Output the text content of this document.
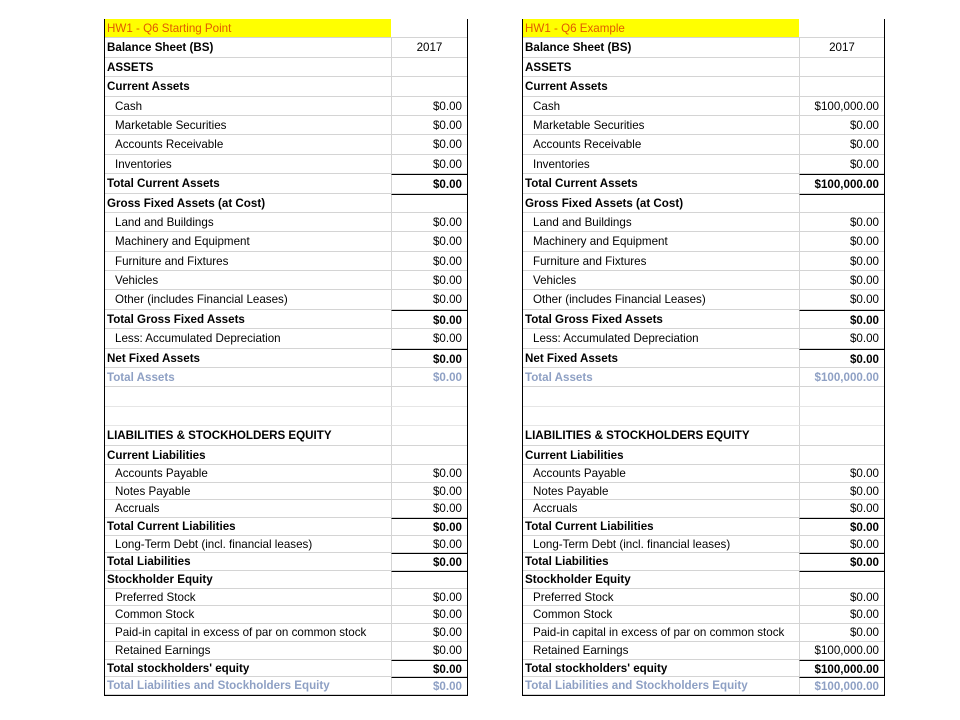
HW1 - Q6 Starting Point
Balance Sheet (BS)	2017
ASSETS
Current Assets
Cash	$0.00
Marketable Securities	$0.00
Accounts Receivable	$0.00
Inventories	$0.00
Total Current Assets	$0.00
Gross Fixed Assets (at Cost)
Land and Buildings	$0.00
Machinery and Equipment	$0.00
Furniture and Fixtures	$0.00
Vehicles	$0.00
Other (includes Financial Leases)	$0.00
Total Gross Fixed Assets	$0.00
Less: Accumulated Depreciation	$0.00
Net Fixed Assets	$0.00
Total Assets	$0.00
LIABILITIES & STOCKHOLDERS EQUITY
Current Liabilities
Accounts Payable	$0.00
Notes Payable	$0.00
Accruals	$0.00
Total Current Liabilities	$0.00
Long-Term Debt (incl. financial leases)	$0.00
Total Liabilities	$0.00
Stockholder Equity
Preferred Stock	$0.00
Common Stock	$0.00
Paid-in capital in excess of par on common stock	$0.00
Retained Earnings	$0.00
Total stockholders' equity	$0.00
Total Liabilities and Stockholders Equity	$0.00
HW1 - Q6 Example
Balance Sheet (BS)	2017
ASSETS
Current Assets
Cash	$100,000.00
Marketable Securities	$0.00
Accounts Receivable	$0.00
Inventories	$0.00
Total Current Assets	$100,000.00
Gross Fixed Assets (at Cost)
Land and Buildings	$0.00
Machinery and Equipment	$0.00
Furniture and Fixtures	$0.00
Vehicles	$0.00
Other (includes Financial Leases)	$0.00
Total Gross Fixed Assets	$0.00
Less: Accumulated Depreciation	$0.00
Net Fixed Assets	$0.00
Total Assets	$100,000.00
LIABILITIES & STOCKHOLDERS EQUITY
Current Liabilities
Accounts Payable	$0.00
Notes Payable	$0.00
Accruals	$0.00
Total Current Liabilities	$0.00
Long-Term Debt (incl. financial leases)	$0.00
Total Liabilities	$0.00
Stockholder Equity
Preferred Stock	$0.00
Common Stock	$0.00
Paid-in capital in excess of par on common stock	$0.00
Retained Earnings	$100,000.00
Total stockholders' equity	$100,000.00
Total Liabilities and Stockholders Equity	$100,000.00
